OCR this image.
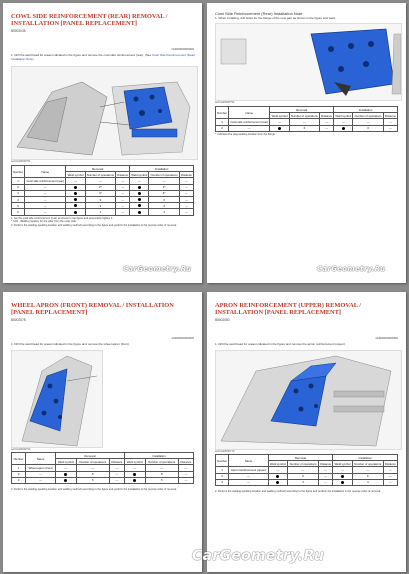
COWL SIDE REINFORCEMENT (REAR) REMOVAL / INSTALLATION [PANEL REPLACEMENT]
B5002035
id400000000000
1. Drill the weld bead for areas indicated in the figure and remove the cowl side reinforcement (rear). (See Cowl Side Reinforcement (Rear) Installation Note)
aclzzw00000751
Number	Name	Removal			Installation		
		Weld symbol	Number of operations	Distance	Weld symbol	Number of operations	Distance
1	Cowl side reinforcement (rear)	—	—	—	—	—	—
2	—		2*	—		2*	—
3	—		4*	—		4*	—
4	—		6	—		6	—
5	—		3	—		3	—
6	—		1	—		1	—
1. Set the cowl side reinforcement (rear) as shown in the figure and temporarily tighten it.
*: Drill - Welding location for the pillar from the outer side.
2. Perform the welding (welding location and welding method) according to the figure and perform the installation in the reverse order of removal.
CarGeometry.Ru
Cowl Side Reinforcement (Rear) Installation Note
1. When installing, drill holes for the flange of the new part as shown in the figure and weld.
aclzzw00000752
Number	Name	Removal			Installation		
		Weld symbol	Number of operations	Distance	Weld symbol	Number of operations	Distance
1	Cowl side reinforcement (rear)	—	—	—	—	—	—
2	—		6	—		6	—
*: Indicates the plug welding location from the flange.
CarGeometry.Ru
WHEEL APRON (FRONT) REMOVAL / INSTALLATION [PANEL REPLACEMENT]
B5002078
id400000000000
1. Drill the weld bead for areas indicated in the figure and remove the wheel apron (front).
aclzzw00000760
Number	Name	Removal			Installation		
		Weld symbol	Number of operations	Distance	Weld symbol	Number of operations	Distance
1	Wheel apron (front)	—	—	—	—	—	—
2	—		8	—		8	—
3	—		5	—		5	—
2. Perform the welding (welding location and welding method) according to the figure and perform the installation in the reverse order of removal.
APRON REINFORCEMENT (UPPER) REMOVAL / INSTALLATION [PANEL REPLACEMENT]
B5002080
id400000000000
1. Drill the weld bead for areas indicated in the figure and remove the apron reinforcement (upper).
aclzzw00000770
Number	Name	Removal			Installation		
		Weld symbol	Number of operations	Distance	Weld symbol	Number of operations	Distance
1	Apron reinforcement (upper)	—	—	—	—	—	—
2	—		6	—		6	—
3	—		4	—		4	—
2. Perform the welding (welding location and welding method) according to the figure and perform the installation in the reverse order of removal.
CarGeometry.Ru
